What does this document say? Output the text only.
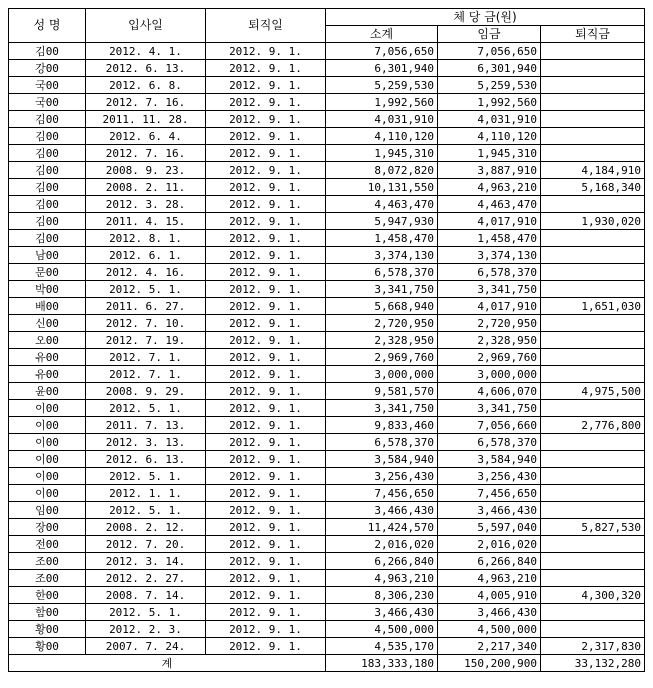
성 명	입사일	퇴직일	체 당 금(원)		
			소계	임금	퇴직금
김00	2012. 4. 1.	2012. 9. 1.	7,056,650	7,056,650	
강00	2012. 6. 13.	2012. 9. 1.	6,301,940	6,301,940	
국00	2012. 6. 8.	2012. 9. 1.	5,259,530	5,259,530	
국00	2012. 7. 16.	2012. 9. 1.	1,992,560	1,992,560	
김00	2011. 11. 28.	2012. 9. 1.	4,031,910	4,031,910	
김00	2012. 6. 4.	2012. 9. 1.	4,110,120	4,110,120	
김00	2012. 7. 16.	2012. 9. 1.	1,945,310	1,945,310	
김00	2008. 9. 23.	2012. 9. 1.	8,072,820	3,887,910	4,184,910
김00	2008. 2. 11.	2012. 9. 1.	10,131,550	4,963,210	5,168,340
김00	2012. 3. 28.	2012. 9. 1.	4,463,470	4,463,470	
김00	2011. 4. 15.	2012. 9. 1.	5,947,930	4,017,910	1,930,020
김00	2012. 8. 1.	2012. 9. 1.	1,458,470	1,458,470	
남00	2012. 6. 1.	2012. 9. 1.	3,374,130	3,374,130	
문00	2012. 4. 16.	2012. 9. 1.	6,578,370	6,578,370	
박00	2012. 5. 1.	2012. 9. 1.	3,341,750	3,341,750	
배00	2011. 6. 27.	2012. 9. 1.	5,668,940	4,017,910	1,651,030
신00	2012. 7. 10.	2012. 9. 1.	2,720,950	2,720,950	
오00	2012. 7. 19.	2012. 9. 1.	2,328,950	2,328,950	
유00	2012. 7. 1.	2012. 9. 1.	2,969,760	2,969,760	
유00	2012. 7. 1.	2012. 9. 1.	3,000,000	3,000,000	
윤00	2008. 9. 29.	2012. 9. 1.	9,581,570	4,606,070	4,975,500
이00	2012. 5. 1.	2012. 9. 1.	3,341,750	3,341,750	
이00	2011. 7. 13.	2012. 9. 1.	9,833,460	7,056,660	2,776,800
이00	2012. 3. 13.	2012. 9. 1.	6,578,370	6,578,370	
이00	2012. 6. 13.	2012. 9. 1.	3,584,940	3,584,940	
이00	2012. 5. 1.	2012. 9. 1.	3,256,430	3,256,430	
이00	2012. 1. 1.	2012. 9. 1.	7,456,650	7,456,650	
임00	2012. 5. 1.	2012. 9. 1.	3,466,430	3,466,430	
장00	2008. 2. 12.	2012. 9. 1.	11,424,570	5,597,040	5,827,530
전00	2012. 7. 20.	2012. 9. 1.	2,016,020	2,016,020	
조00	2012. 3. 14.	2012. 9. 1.	6,266,840	6,266,840	
조00	2012. 2. 27.	2012. 9. 1.	4,963,210	4,963,210	
한00	2008. 7. 14.	2012. 9. 1.	8,306,230	4,005,910	4,300,320
함00	2012. 5. 1.	2012. 9. 1.	3,466,430	3,466,430	
황00	2012. 2. 3.	2012. 9. 1.	4,500,000	4,500,000	
황00	2007. 7. 24.	2012. 9. 1.	4,535,170	2,217,340	2,317,830
계			183,333,180	150,200,900	33,132,280
